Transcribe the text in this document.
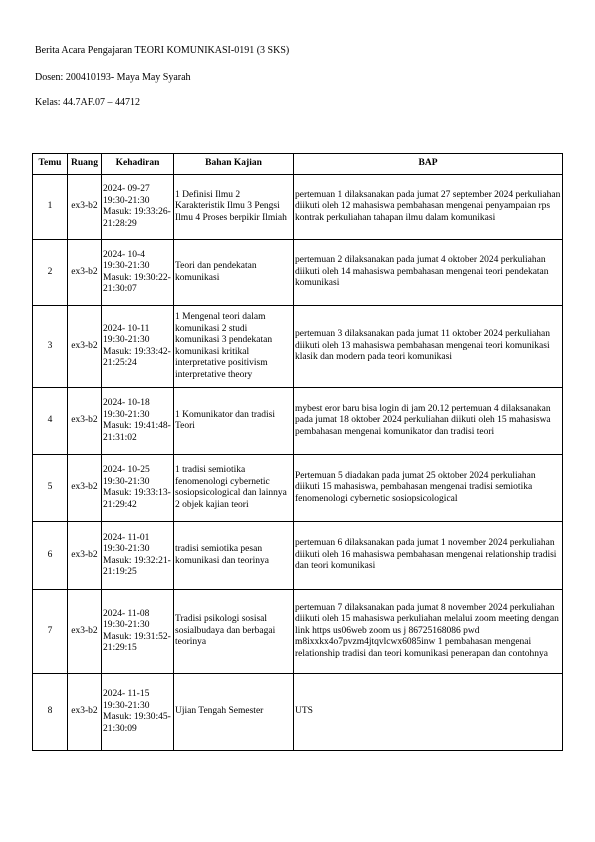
Berita Acara Pengajaran TEORI KOMUNIKASI-0191 (3 SKS)
Dosen: 200410193- Maya May Syarah
Kelas: 44.7AF.07 – 44712
Temu	Ruang	Kehadiran	Bahan Kajian	BAP
1	ex3-b2	2024- 09-27 19:30-21:30 Masuk: 19:33:26- 21:28:29	1 Definisi Ilmu 2 Karakteristik Ilmu 3 Pengsi Ilmu 4 Proses berpikir Ilmiah	pertemuan 1 dilaksanakan pada jumat 27 september 2024 perkuliahan diikuti oleh 12 mahasiswa pembahasan mengenai penyampaian rps kontrak perkuliahan tahapan ilmu dalam komunikasi
2	ex3-b2	2024- 10-4 19:30-21:30 Masuk: 19:30:22- 21:30:07	Teori dan pendekatan komunikasi	pertemuan 2 dilaksanakan pada jumat 4 oktober 2024 perkuliahan diikuti oleh 14 mahasiswa pembahasan mengenai teori pendekatan komunikasi
3	ex3-b2	2024- 10-11 19:30-21:30 Masuk: 19:33:42- 21:25:24	1 Mengenal teori dalam komunikasi 2 studi komunikasi 3 pendekatan komunikasi kritikal interpretative positivism interpretative theory	pertemuan 3 dilaksanakan pada jumat 11 oktober 2024 perkuliahan diikuti oleh 13 mahasiswa pembahasan mengenai teori komunikasi klasik dan modern pada teori komunikasi
4	ex3-b2	2024- 10-18 19:30-21:30 Masuk: 19:41:48- 21:31:02	1 Komunikator dan tradisi Teori	mybest eror baru bisa login di jam 20.12 pertemuan 4 dilaksanakan pada jumat 18 oktober 2024 perkuliahan diikuti oleh 15 mahasiswa pembahasan mengenai komunikator dan tradisi teori
5	ex3-b2	2024- 10-25 19:30-21:30 Masuk: 19:33:13- 21:29:42	1 tradisi semiotika fenomenologi cybernetic sosiopsicological dan lainnya 2 objek kajian teori	Pertemuan 5 diadakan pada jumat 25 oktober 2024 perkuliahan diikuti 15 mahasiswa, pembahasan mengenai tradisi semiotika fenomenologi cybernetic sosiopsicological
6	ex3-b2	2024- 11-01 19:30-21:30 Masuk: 19:32:21- 21:19:25	tradisi semiotika pesan komunikasi dan teorinya	pertemuan 6 dilaksanakan pada jumat 1 november 2024 perkuliahan diikuti oleh 16 mahasiswa pembahasan mengenai relationship tradisi dan teori komunikasi
7	ex3-b2	2024- 11-08 19:30-21:30 Masuk: 19:31:52- 21:29:15	Tradisi psikologi sosisal sosialbudaya dan berbagai teorinya	pertemuan 7 dilaksanakan pada jumat 8 november 2024 perkuliahan diikuti oleh 15 mahasiswa perkuliahan melalui zoom meeting dengan link https us06web zoom us j 86725168086 pwd m8ixxkx4o7pvzm4jtqvlcwx6085inw 1 pembahasan mengenai relationship tradisi dan teori komunikasi penerapan dan contohnya
8	ex3-b2	2024- 11-15 19:30-21:30 Masuk: 19:30:45- 21:30:09	Ujian Tengah Semester	UTS
